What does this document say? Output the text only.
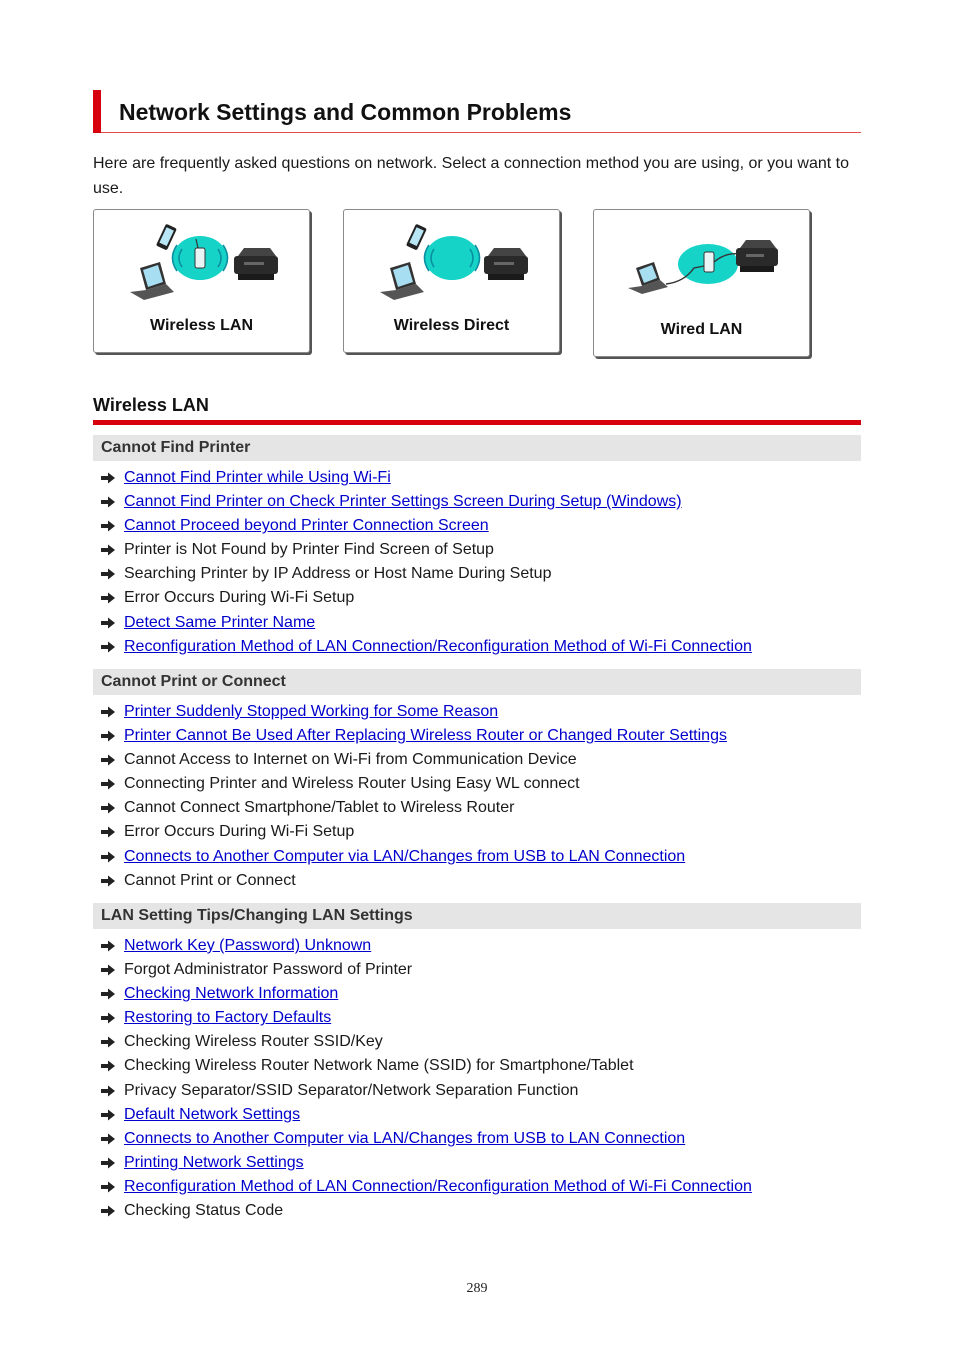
Network Settings and Common Problems

Here are frequently asked questions on network. Select a connection method you are using, or you want to use.

Wireless LAN	Wireless Direct	Wired LAN
Wireless LAN
Cannot Find Printer
Cannot Find Printer while Using Wi-Fi
Cannot Find Printer on Check Printer Settings Screen During Setup (Windows)
Cannot Proceed beyond Printer Connection Screen
Printer is Not Found by Printer Find Screen of Setup
Searching Printer by IP Address or Host Name During Setup
Error Occurs During Wi-Fi Setup
Detect Same Printer Name
Reconfiguration Method of LAN Connection/Reconfiguration Method of Wi-Fi Connection
Cannot Print or Connect
Printer Suddenly Stopped Working for Some Reason
Printer Cannot Be Used After Replacing Wireless Router or Changed Router Settings
Cannot Access to Internet on Wi-Fi from Communication Device
Connecting Printer and Wireless Router Using Easy WL connect
Cannot Connect Smartphone/Tablet to Wireless Router
Error Occurs During Wi-Fi Setup
Connects to Another Computer via LAN/Changes from USB to LAN Connection
Cannot Print or Connect
LAN Setting Tips/Changing LAN Settings
Network Key (Password) Unknown
Forgot Administrator Password of Printer
Checking Network Information
Restoring to Factory Defaults
Checking Wireless Router SSID/Key
Checking Wireless Router Network Name (SSID) for Smartphone/Tablet
Privacy Separator/SSID Separator/Network Separation Function
Default Network Settings
Connects to Another Computer via LAN/Changes from USB to LAN Connection
Printing Network Settings
Reconfiguration Method of LAN Connection/Reconfiguration Method of Wi-Fi Connection
Checking Status Code
289
